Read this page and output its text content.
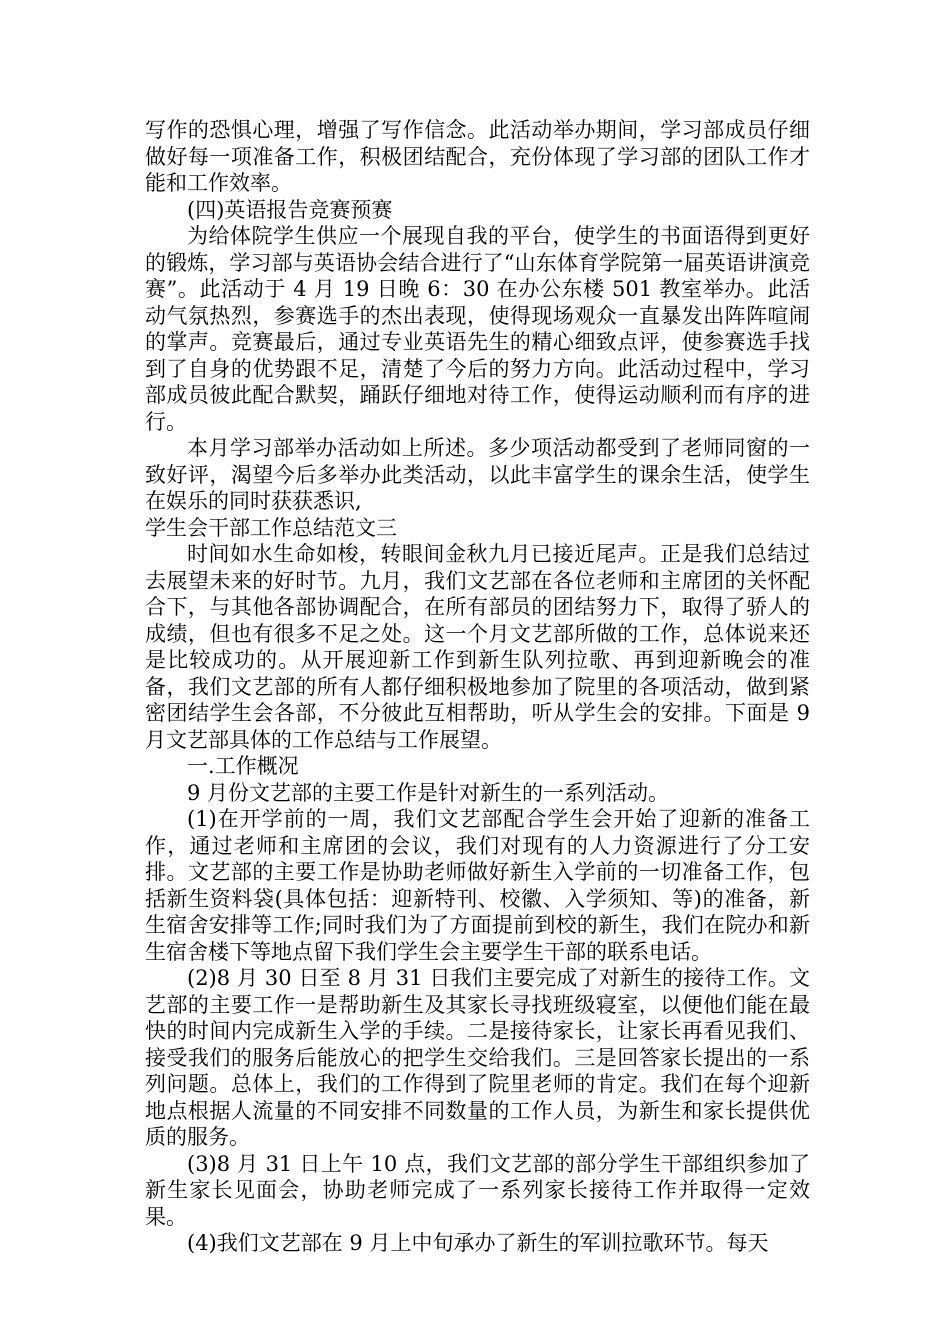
写作的恐惧心理，增强了写作信念。此活动举办期间，学习部成员仔细做好每一项准备工作，积极团结配合，充份体现了学习部的团队工作才能和工作效率。

(四)英语报告竞赛预赛

为给体院学生供应一个展现自我的平台，使学生的书面语得到更好的锻炼，学习部与英语协会结合进行了“山东体育学院第一届英语讲演竞赛”。此活动于 4 月 19 日晚 6：30 在办公东楼 501 教室举办。此活动气氛热烈，参赛选手的杰出表现，使得现场观众一直暴发出阵阵喧闹的掌声。竞赛最后，通过专业英语先生的精心细致点评，使参赛选手找到了自身的优势跟不足，清楚了今后的努力方向。此活动过程中，学习部成员彼此配合默契，踊跃仔细地对待工作，使得运动顺利而有序的进行。

本月学习部举办活动如上所述。多少项活动都受到了老师同窗的一致好评，渴望今后多举办此类活动，以此丰富学生的课余生活，使学生在娱乐的同时获获悉识,

学生会干部工作总结范文三

时间如水生命如梭，转眼间金秋九月已接近尾声。正是我们总结过去展望未来的好时节。九月，我们文艺部在各位老师和主席团的关怀配合下，与其他各部协调配合，在所有部员的团结努力下，取得了骄人的成绩，但也有很多不足之处。这一个月文艺部所做的工作，总体说来还是比较成功的。从开展迎新工作到新生队列拉歌、再到迎新晚会的准备，我们文艺部的所有人都仔细积极地参加了院里的各项活动，做到紧密团结学生会各部，不分彼此互相帮助，听从学生会的安排。下面是 9 月文艺部具体的工作总结与工作展望。

一.工作概况

9 月份文艺部的主要工作是针对新生的一系列活动。

(1)在开学前的一周，我们文艺部配合学生会开始了迎新的准备工作，通过老师和主席团的会议，我们对现有的人力资源进行了分工安排。文艺部的主要工作是协助老师做好新生入学前的一切准备工作，包括新生资料袋(具体包括：迎新特刊、校徽、入学须知、等)的准备，新生宿舍安排等工作;同时我们为了方面提前到校的新生，我们在院办和新生宿舍楼下等地点留下我们学生会主要学生干部的联系电话。

(2)8 月 30 日至 8 月 31 日我们主要完成了对新生的接待工作。文艺部的主要工作一是帮助新生及其家长寻找班级寝室，以便他们能在最快的时间内完成新生入学的手续。二是接待家长，让家长再看见我们、接受我们的服务后能放心的把学生交给我们。三是回答家长提出的一系列问题。总体上，我们的工作得到了院里老师的肯定。我们在每个迎新地点根据人流量的不同安排不同数量的工作人员，为新生和家长提供优质的服务。

(3)8 月 31 日上午 10 点，我们文艺部的部分学生干部组织参加了新生家长见面会，协助老师完成了一系列家长接待工作并取得一定效果。

(4)我们文艺部在 9 月上中旬承办了新生的军训拉歌环节。每天
